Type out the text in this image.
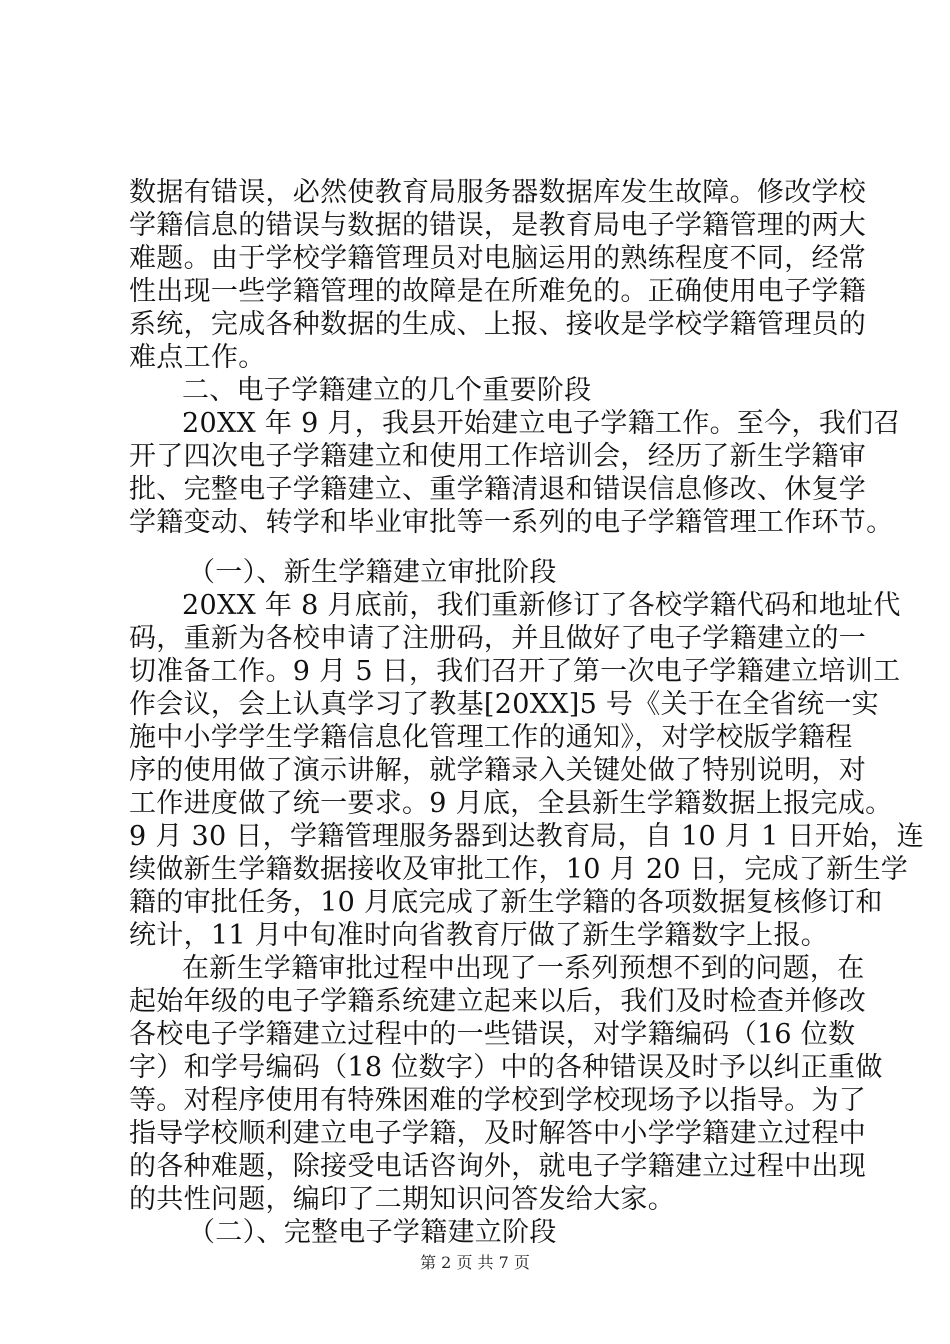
数据有错误，必然使教育局服务器数据库发生故障。修改学校
学籍信息的错误与数据的错误，是教育局电子学籍管理的两大
难题。由于学校学籍管理员对电脑运用的熟练程度不同，经常
性出现一些学籍管理的故障是在所难免的。正确使用电子学籍
系统，完成各种数据的生成、上报、接收是学校学籍管理员的
难点工作。
二、电子学籍建立的几个重要阶段
20XX 年 9 月，我县开始建立电子学籍工作。至今，我们召
开了四次电子学籍建立和使用工作培训会，经历了新生学籍审
批、完整电子学籍建立、重学籍清退和错误信息修改、休复学
学籍变动、转学和毕业审批等一系列的电子学籍管理工作环节。
（一）、新生学籍建立审批阶段
20XX 年 8 月底前，我们重新修订了各校学籍代码和地址代
码，重新为各校申请了注册码，并且做好了电子学籍建立的一
切准备工作。9 月 5 日，我们召开了第一次电子学籍建立培训工
作会议，会上认真学习了教基[20XX]5 号《关于在全省统一实
施中小学学生学籍信息化管理工作的通知》，对学校版学籍程
序的使用做了演示讲解，就学籍录入关键处做了特别说明，对
工作进度做了统一要求。9 月底，全县新生学籍数据上报完成。
9 月 30 日，学籍管理服务器到达教育局，自 10 月 1 日开始，连
续做新生学籍数据接收及审批工作，10 月 20 日，完成了新生学
籍的审批任务，10 月底完成了新生学籍的各项数据复核修订和
统计，11 月中旬准时向省教育厅做了新生学籍数字上报。
在新生学籍审批过程中出现了一系列预想不到的问题，在
起始年级的电子学籍系统建立起来以后，我们及时检查并修改
各校电子学籍建立过程中的一些错误，对学籍编码（16 位数
字）和学号编码（18 位数字）中的各种错误及时予以纠正重做
等。对程序使用有特殊困难的学校到学校现场予以指导。为了
指导学校顺利建立电子学籍，及时解答中小学学籍建立过程中
的各种难题，除接受电话咨询外，就电子学籍建立过程中出现
的共性问题，编印了二期知识问答发给大家。
（二）、完整电子学籍建立阶段
第 2 页 共 7 页
